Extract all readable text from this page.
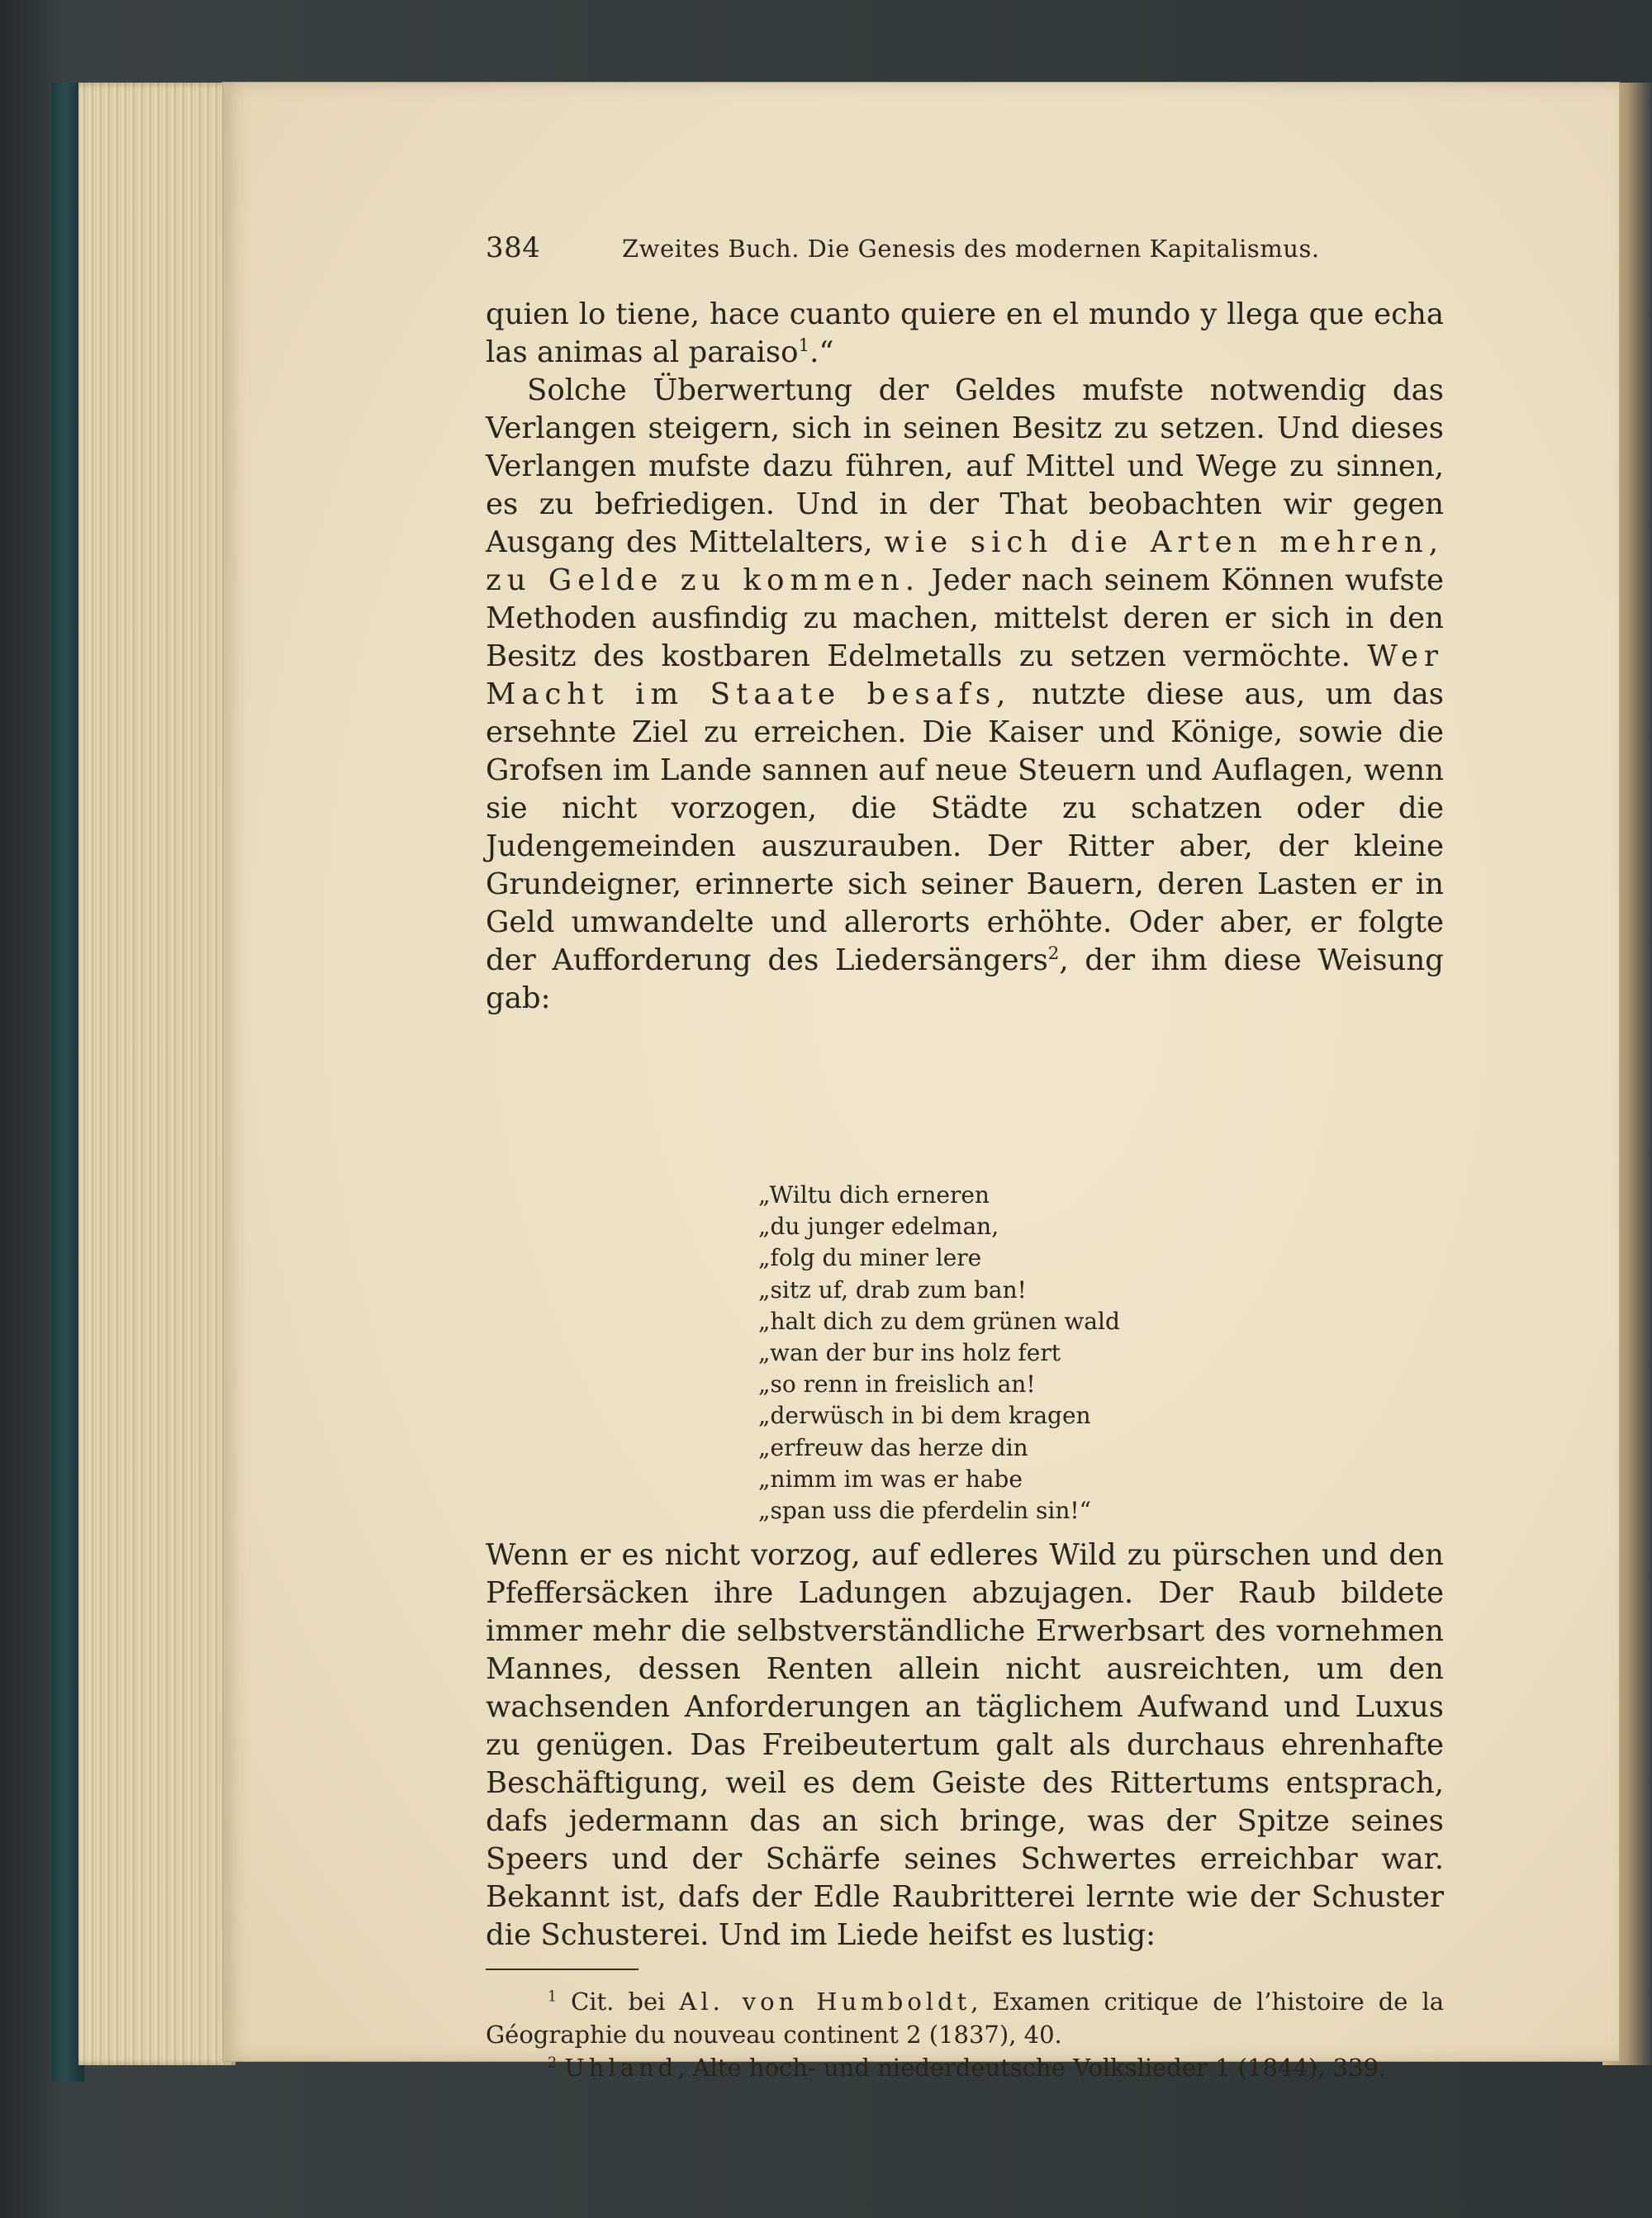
384	Zweites Buch. Die Genesis des modernen Kapitalismus.

quien lo tiene, hace cuanto quiere en el mundo y llega que echa las animas al paraiso$^1$.“

Solche Überwertung der Geldes mufste notwendig das Verlangen steigern, sich in seinen Besitz zu setzen. Und dieses Verlangen mufste dazu führen, auf Mittel und Wege zu sinnen, es zu befriedigen. Und in der That beobachten wir gegen Ausgang des Mittelalters, wie sich die Arten mehren, zu Gelde zu kommen. Jeder nach seinem Können wufste Methoden ausfindig zu machen, mittelst deren er sich in den Besitz des kostbaren Edelmetalls zu setzen vermöchte. Wer Macht im Staate besafs, nutzte diese aus, um das ersehnte Ziel zu erreichen. Die Kaiser und Könige, sowie die Grofsen im Lande sannen auf neue Steuern und Auflagen, wenn sie nicht vorzogen, die Städte zu schatzen oder die Judengemeinden auszurauben. Der Ritter aber, der kleine Grundeigner, erinnerte sich seiner Bauern, deren Lasten er in Geld umwandelte und allerorts erhöhte. Oder aber, er folgte der Aufforderung des Liedersängers$^2$, der ihm diese Weisung gab:

„Wiltu dich erneren
„du junger edelman,
„folg du miner lere
„sitz uf, drab zum ban!
„halt dich zu dem grünen wald
„wan der bur ins holz fert
„so renn in freislich an!
„derwüsch in bi dem kragen
„erfreuw das herze din
„nimm im was er habe
„span uss die pferdelin sin!“
Wenn er es nicht vorzog, auf edleres Wild zu pürschen und den Pfeffersäcken ihre Ladungen abzujagen. Der Raub bildete immer mehr die selbstverständliche Erwerbsart des vornehmen Mannes, dessen Renten allein nicht ausreichten, um den wachsenden Anforderungen an täglichem Aufwand und Luxus zu genügen. Das Freibeutertum galt als durchaus ehrenhafte Beschäftigung, weil es dem Geiste des Rittertums entsprach, dafs jedermann das an sich bringe, was der Spitze seines Speers und der Schärfe seines Schwertes erreichbar war. Bekannt ist, dafs der Edle Raubritterei lernte wie der Schuster die Schusterei. Und im Liede heifst es lustig:

$^1$ Cit. bei Al. von Humboldt, Examen critique de l’histoire de la Géographie du nouveau continent 2 (1837), 40.

$^2$ Uhland, Alte hoch- und niederdeutsche Volkslieder 1 (1844), 339.
